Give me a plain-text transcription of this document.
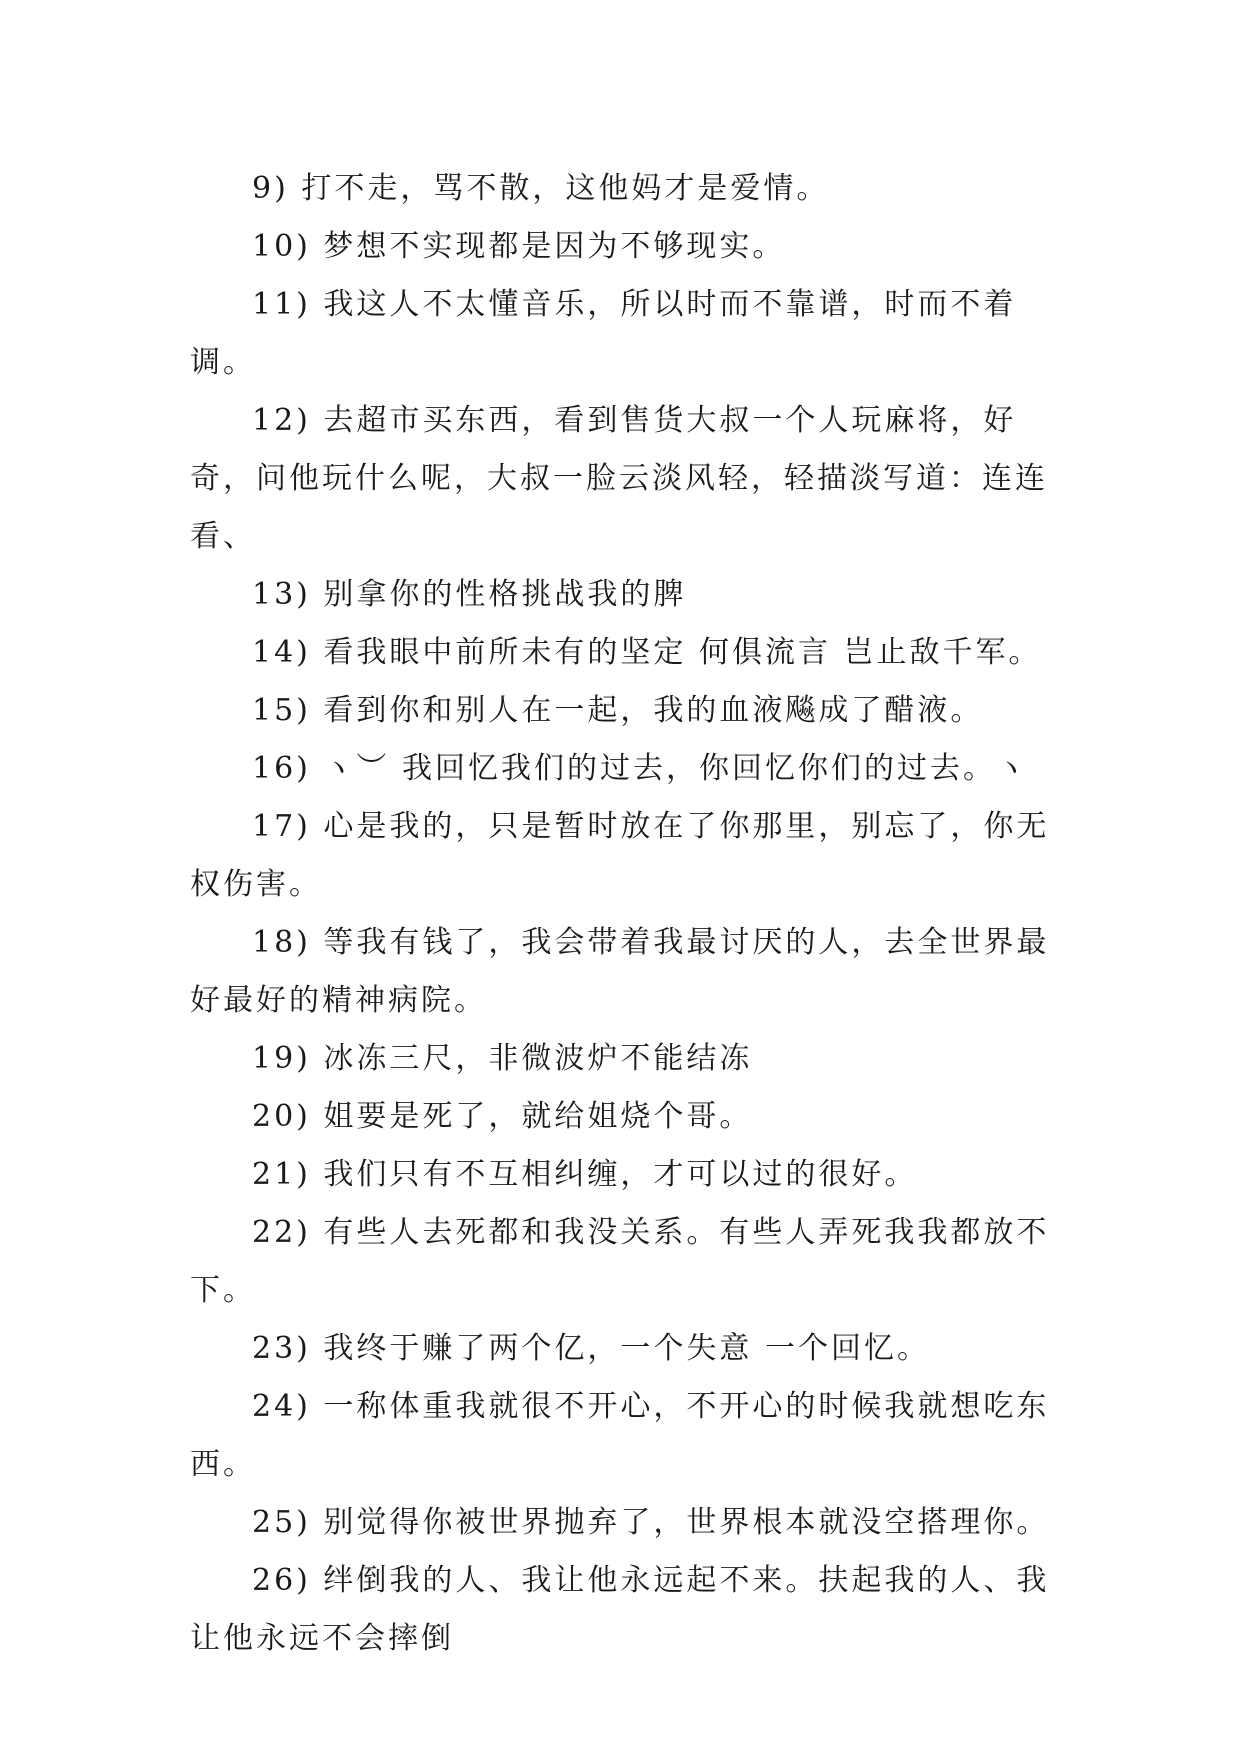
9) 打不走，骂不散，这他妈才是爱情。

10) 梦想不实现都是因为不够现实。

11) 我这人不太懂音乐，所以时而不靠谱，时而不着调。

12) 去超市买东西，看到售货大叔一个人玩麻将，好奇，问他玩什么呢，大叔一脸云淡风轻，轻描淡写道：连连看、

13) 别拿你的性格挑战我的脾

14) 看我眼中前所未有的坚定 何俱流言 岂止敌千军。

15) 看到你和别人在一起，我的血液飚成了醋液。

16) ヽ︶ 我回忆我们的过去，你回忆你们的过去。ヽ

17) 心是我的，只是暂时放在了你那里，别忘了，你无权伤害。

18) 等我有钱了，我会带着我最讨厌的人，去全世界最好最好的精神病院。

19) 冰冻三尺，非微波炉不能结冻

20) 姐要是死了，就给姐烧个哥。

21) 我们只有不互相纠缠，才可以过的很好。

22) 有些人去死都和我没关系。有些人弄死我我都放不下。

23) 我终于赚了两个亿，一个失意 一个回忆。

24) 一称体重我就很不开心，不开心的时候我就想吃东西。

25) 别觉得你被世界抛弃了，世界根本就没空搭理你。

26) 绊倒我的人、我让他永远起不来。扶起我的人、我让他永远不会摔倒
